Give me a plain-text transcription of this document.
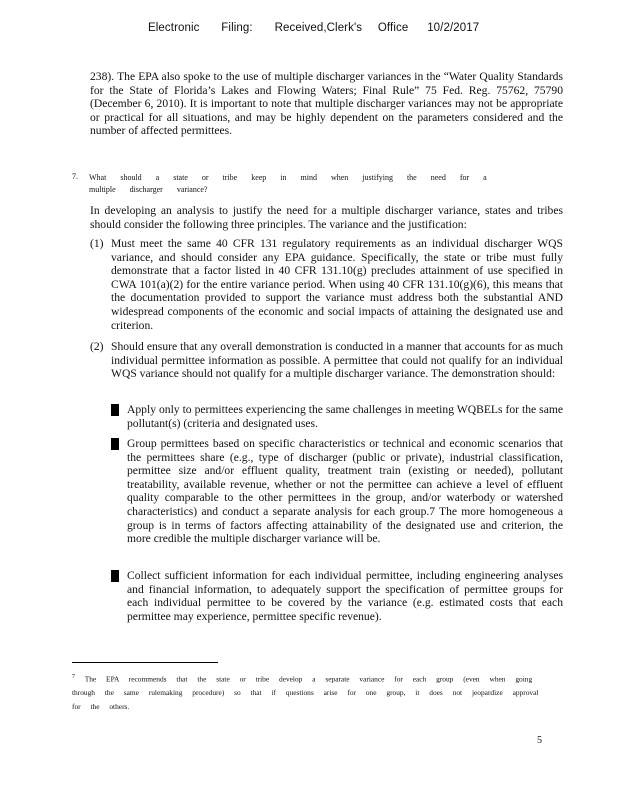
Electronic Filing: Received,Clerk's Office 10/2/2017

238). The EPA also spoke to the use of multiple discharger variances in the “Water Quality Standards for the State of Florida’s Lakes and Flowing Waters; Final Rule” 75 Fed. Reg. 75762, 75790 (December 6, 2010). It is important to note that multiple discharger variances may not be appropriate or practical for all situations, and may be highly dependent on the parameters considered and the number of affected permittees.

7. What should a state or tribe keep in mind when justifying the need for a multiple discharger variance?

In developing an analysis to justify the need for a multiple discharger variance, states and tribes should consider the following three principles. The variance and the justification:

(1) Must meet the same 40 CFR 131 regulatory requirements as an individual discharger WQS variance, and should consider any EPA guidance. Specifically, the state or tribe must fully demonstrate that a factor listed in 40 CFR 131.10(g) precludes attainment of use specified in CWA 101(a)(2) for the entire variance period. When using 40 CFR 131.10(g)(6), this means that the documentation provided to support the variance must address both the substantial AND widespread components of the economic and social impacts of attaining the designated use and criterion.
(2) Should ensure that any overall demonstration is conducted in a manner that accounts for as much individual permittee information as possible. A permittee that could not qualify for an individual WQS variance should not qualify for a multiple discharger variance. The demonstration should:
Apply only to permittees experiencing the same challenges in meeting WQBELs for the same pollutant(s) (criteria and designated uses.
Group permittees based on specific characteristics or technical and economic scenarios that the permittees share (e.g., type of discharger (public or private), industrial classification, permittee size and/or effluent quality, treatment train (existing or needed), pollutant treatability, available revenue, whether or not the permittee can achieve a level of effluent quality comparable to the other permittees in the group, and/or waterbody or watershed characteristics) and conduct a separate analysis for each group.7 The more homogeneous a group is in terms of factors affecting attainability of the designated use and criterion, the more credible the multiple discharger variance will be.
Collect sufficient information for each individual permittee, including engineering analyses and financial information, to adequately support the specification of permittee groups for each individual permittee to be covered by the variance (e.g. estimated costs that each permittee may experience, permittee specific revenue).
$^7$ The EPA recommends that the state or tribe develop a separate variance for each group (even when going through the same rulemaking procedure) so that if questions arise for one group, it does not jeopardize approval for the others.
5
